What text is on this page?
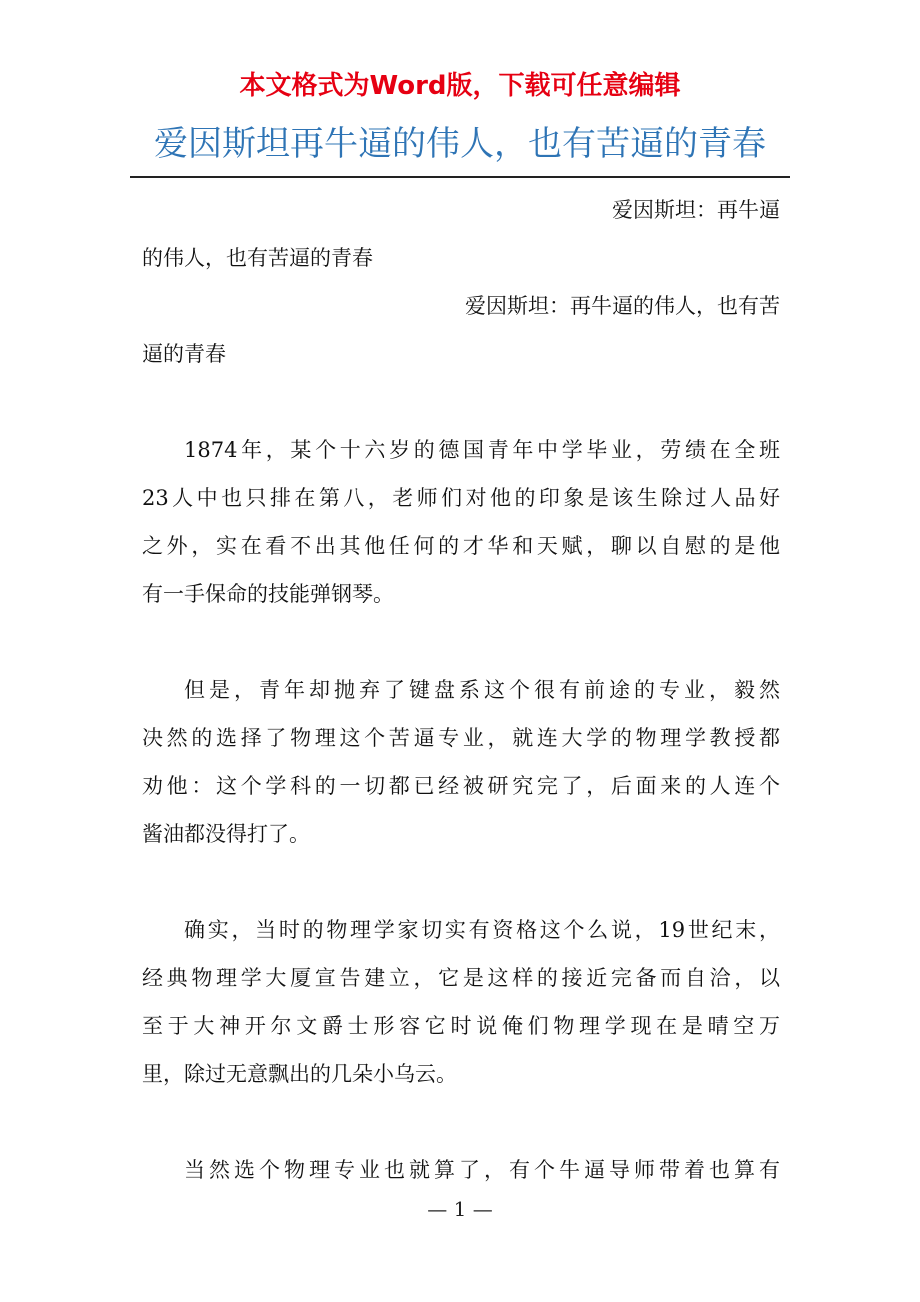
本文格式为Word版，下载可任意编辑
爱因斯坦再牛逼的伟人，也有苦逼的青春
爱因斯坦：再牛逼
的伟人，也有苦逼的青春
爱因斯坦：再牛逼的伟人，也有苦
逼的青春
1874年，某个十六岁的德国青年中学毕业，劳绩在全班
23人中也只排在第八，老师们对他的印象是该生除过人品好
之外，实在看不出其他任何的才华和天赋，聊以自慰的是他
有一手保命的技能弹钢琴。
但是，青年却抛弃了键盘系这个很有前途的专业，毅然
决然的选择了物理这个苦逼专业，就连大学的物理学教授都
劝他：这个学科的一切都已经被研究完了，后面来的人连个
酱油都没得打了。
确实，当时的物理学家切实有资格这个么说，19世纪末，
经典物理学大厦宣告建立，它是这样的接近完备而自洽，以
至于大神开尔文爵士形容它时说俺们物理学现在是晴空万
里，除过无意飘出的几朵小乌云。
当然选个物理专业也就算了，有个牛逼导师带着也算有
— 1 —
